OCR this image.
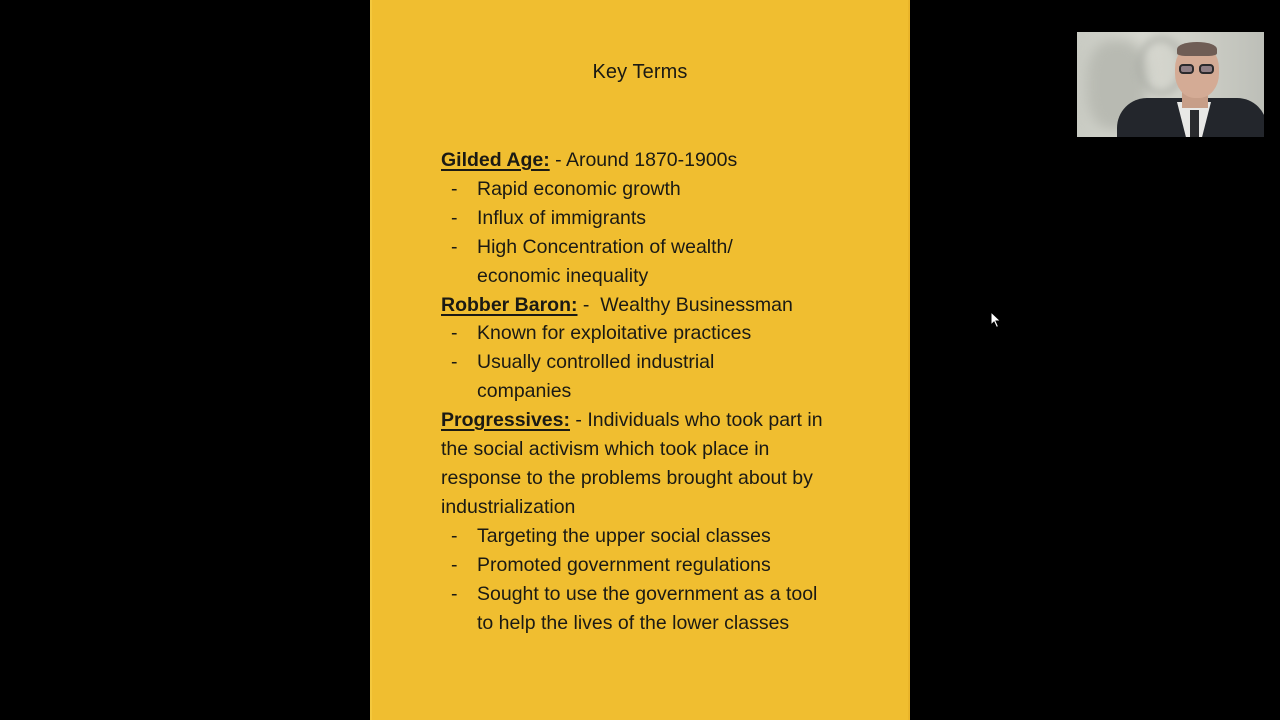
Key Terms
Gilded Age: - Around 1870-1900s
- Rapid economic growth
- Influx of immigrants
- High Concentration of wealth/ economic inequality
Robber Baron: -  Wealthy Businessman
- Known for exploitative practices
- Usually controlled industrial companies
Progressives: - Individuals who took part in the social activism which took place in response to the problems brought about by industrialization
- Targeting the upper social classes
- Promoted government regulations
- Sought to use the government as a tool to help the lives of the lower classes
